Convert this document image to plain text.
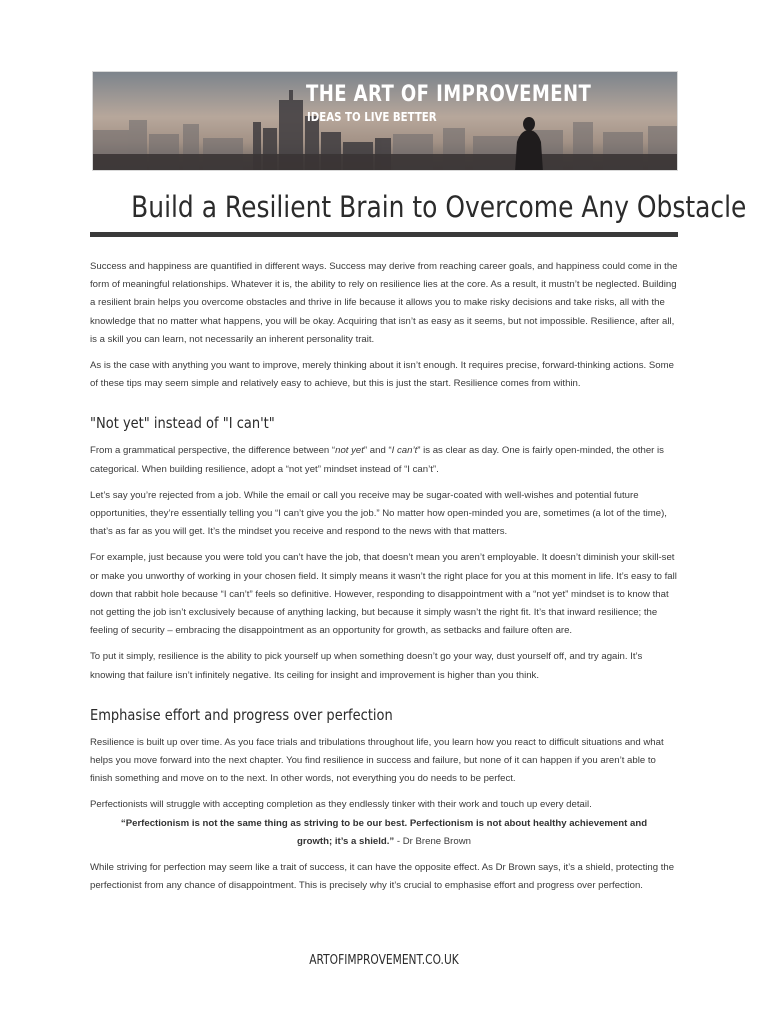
THE ART OF IMPROVEMENT
IDEAS TO LIVE BETTER
Build a Resilient Brain to Overcome Any Obstacle

Success and happiness are quantified in different ways. Success may derive from reaching career goals, and happiness could come in the form of meaningful relationships. Whatever it is, the ability to rely on resilience lies at the core. As a result, it mustn’t be neglected. Building a resilient brain helps you overcome obstacles and thrive in life because it allows you to make risky decisions and take risks, all with the knowledge that no matter what happens, you will be okay. Acquiring that isn’t as easy as it seems, but not impossible. Resilience, after all, is a skill you can learn, not necessarily an inherent personality trait.

As is the case with anything you want to improve, merely thinking about it isn’t enough. It requires precise, forward-thinking actions. Some of these tips may seem simple and relatively easy to achieve, but this is just the start. Resilience comes from within.

"Not yet" instead of "I can't"

From a grammatical perspective, the difference between “not yet” and “I can’t” is as clear as day. One is fairly open-minded, the other is categorical. When building resilience, adopt a “not yet” mindset instead of “I can’t”.

Let’s say you’re rejected from a job. While the email or call you receive may be sugar-coated with well-wishes and potential future opportunities, they’re essentially telling you “I can’t give you the job.” No matter how open-minded you are, sometimes (a lot of the time), that’s as far as you will get. It’s the mindset you receive and respond to the news with that matters.

For example, just because you were told you can’t have the job, that doesn’t mean you aren’t employable. It doesn’t diminish your skill-set or make you unworthy of working in your chosen field. It simply means it wasn’t the right place for you at this moment in life. It’s easy to fall down that rabbit hole because “I can’t” feels so definitive. However, responding to disappointment with a “not yet” mindset is to know that not getting the job isn’t exclusively because of anything lacking, but because it simply wasn’t the right fit. It’s that inward resilience; the feeling of security – embracing the disappointment as an opportunity for growth, as setbacks and failure often are.

To put it simply, resilience is the ability to pick yourself up when something doesn’t go your way, dust yourself off, and try again. It’s knowing that failure isn’t infinitely negative. Its ceiling for insight and improvement is higher than you think.

Emphasise effort and progress over perfection

Resilience is built up over time. As you face trials and tribulations throughout life, you learn how you react to difficult situations and what helps you move forward into the next chapter. You find resilience in success and failure, but none of it can happen if you aren’t able to finish something and move on to the next. In other words, not everything you do needs to be perfect.

Perfectionists will struggle with accepting completion as they endlessly tinker with their work and touch up every detail.

“Perfectionism is not the same thing as striving to be our best. Perfectionism is not about healthy achievement and growth; it’s a shield.” - Dr Brene Brown

While striving for perfection may seem like a trait of success, it can have the opposite effect. As Dr Brown says, it’s a shield, protecting the perfectionist from any chance of disappointment. This is precisely why it’s crucial to emphasise effort and progress over perfection.

ARTOFIMPROVEMENT.CO.UK
